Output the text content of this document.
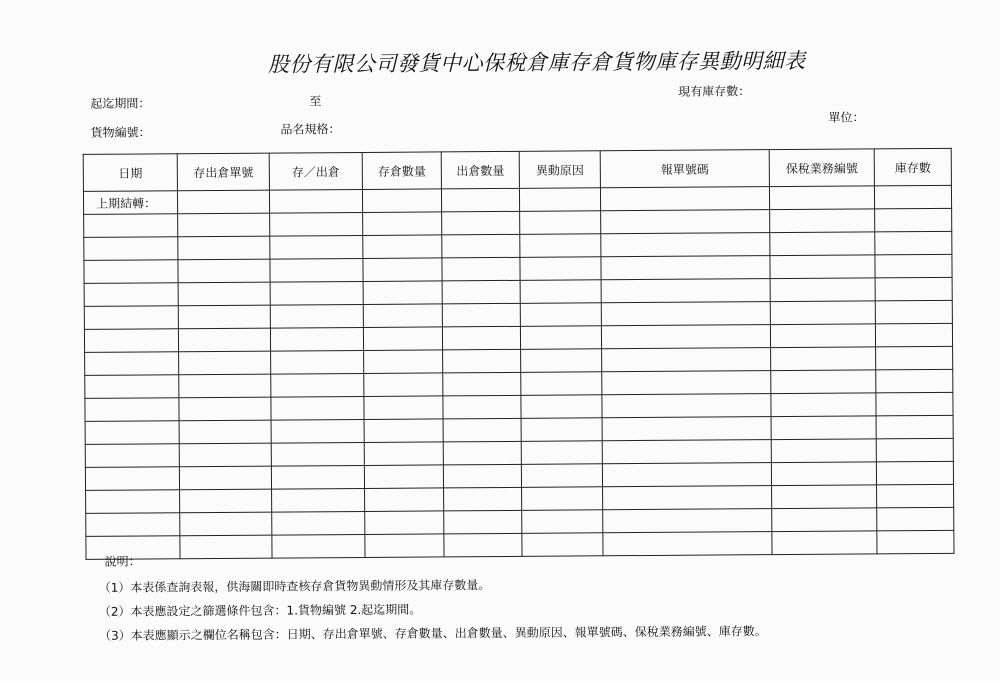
股份有限公司發貨中心保稅倉庫存倉貨物庫存異動明細表
起迄期間：	至
現有庫存數：
貨物編號：	品名規格：
單位：
日期	存出倉單號	存／出倉	存倉數量	出倉數量	異動原因	報單號碼	保稅業務編號	庫存數
上期結轉：								

說明：
（1）本表係查詢表報，供海關即時查核存倉貨物異動情形及其庫存數量。
（2）本表應設定之篩選條件包含：1.貨物編號 2.起迄期間。
（3）本表應顯示之欄位名稱包含：日期、存出倉單號、存倉數量、出倉數量、異動原因、報單號碼、保稅業務編號、庫存數。
